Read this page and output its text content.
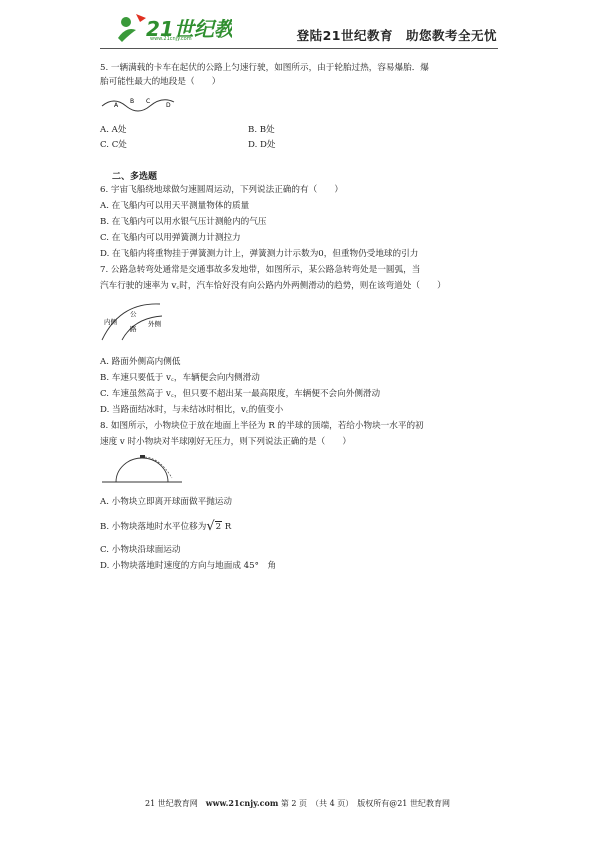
21世纪教
www.21cnjy.com	登陆21世纪教育　助您教考全无忧
5. 一辆满载的卡车在起伏的公路上匀速行驶，如图所示，由于轮胎过热，容易爆胎．爆
胎可能性最大的地段是（　　）
A
B C
D
A. A处	B. B处
C. C处	D. D处
二、多选题
6. 宇宙飞船绕地球做匀速圆周运动，下列说法正确的有（　　）
A. 在飞船内可以用天平测量物体的质量
B. 在飞船内可以用水银气压计测舱内的气压
C. 在飞船内可以用弹簧测力计测拉力
D. 在飞船内将重物挂于弹簧测力计上，弹簧测力计示数为0，但重物仍受地球的引力
7. 公路急转弯处通常是交通事故多发地带，如图所示，某公路急转弯处是一圆弧，当
汽车行驶的速率为 v꜀时，汽车恰好没有向公路内外两侧滑动的趋势，则在该弯道处（　　）
内侧
公
路
外侧
A. 路面外侧高内侧低
B. 车速只要低于 v꜀，车辆便会向内侧滑动
C. 车速虽然高于 v꜀，但只要不超出某一最高限度，车辆便不会向外侧滑动
D. 当路面结冰时，与未结冰时相比，v꜀的值变小
8. 如图所示，小物块位于放在地面上半径为 R 的半球的顶端，若给小物块一水平的初
速度 v 时小物块对半球刚好无压力，则下列说法正确的是（　　）
A. 小物块立即离开球面做平抛运动
B. 小物块落地时水平位移为√2 R
C. 小物块沿球面运动
D. 小物块落地时速度的方向与地面成 45°　角
21 世纪教育网　www.21cnjy.com 第 2 页　（共 4 页）　版权所有@21 世纪教育网
